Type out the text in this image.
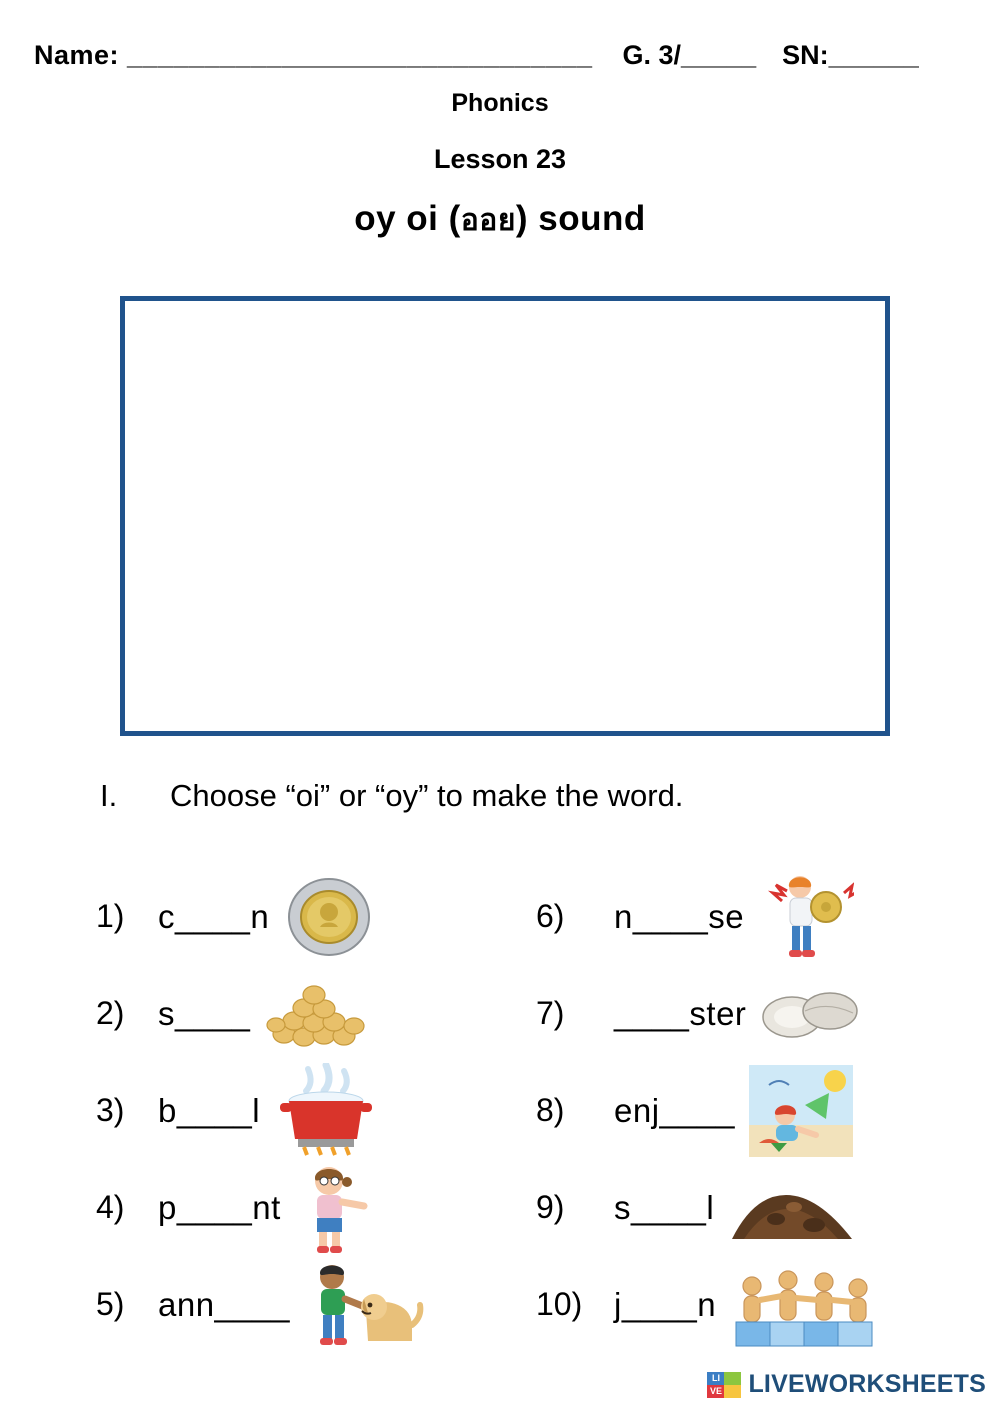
Name: ______________________________ G. 3/_____ SN:______
Phonics
Lesson 23
oy oi (ออย) sound
I.	Choose “oi” or “oy” to make the word.
1)	c____n	6)	n____se
2)	s____	7)	____ster
3)	b____l	8)	enj____
4)	p____nt	9)	s____l
5)	ann____	10) j____n
LI
VE LIVEWORKSHEETS
